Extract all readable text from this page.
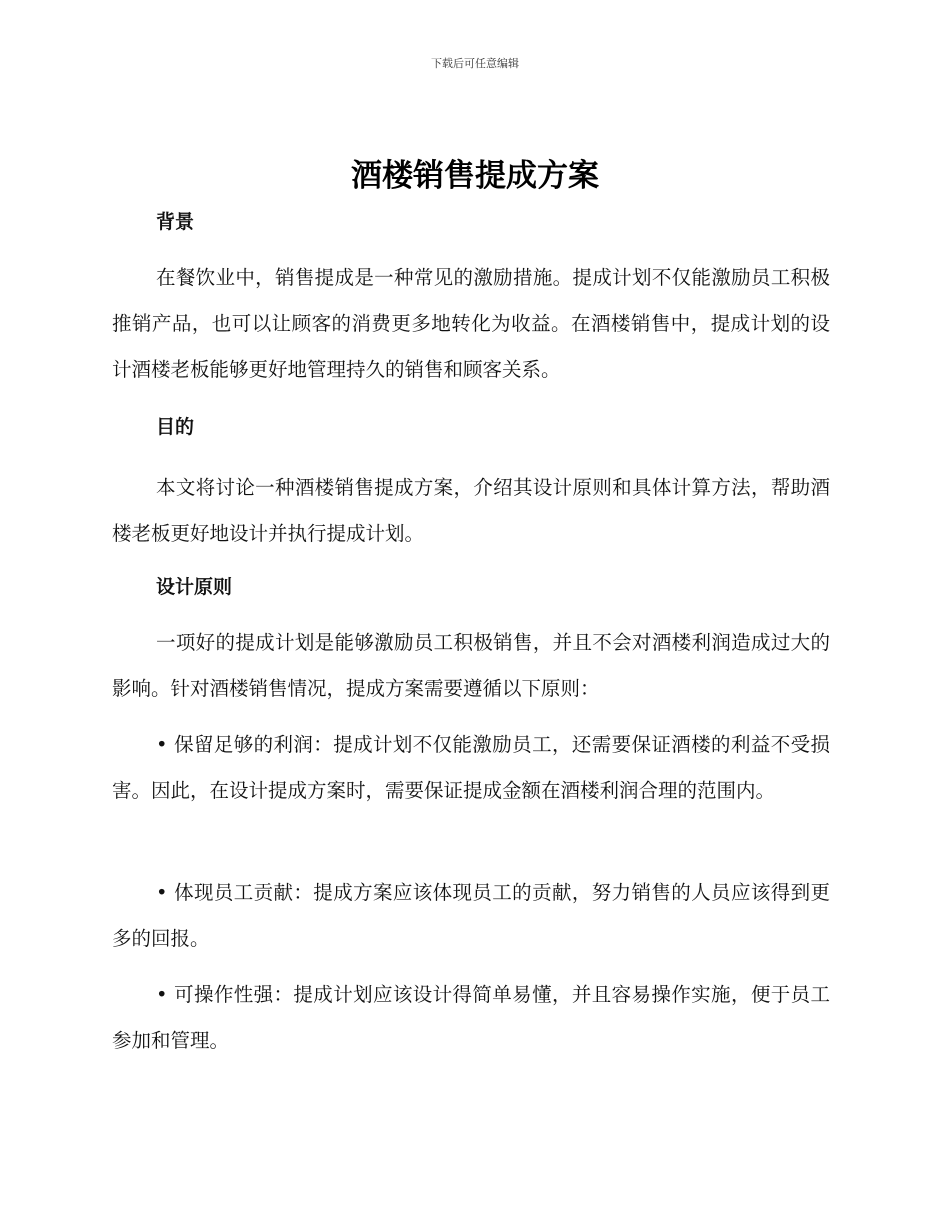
下载后可任意编辑
酒楼销售提成方案
背景

在餐饮业中，销售提成是一种常见的激励措施。提成计划不仅能激励员工积极推销产品，也可以让顾客的消费更多地转化为收益。在酒楼销售中，提成计划的设计酒楼老板能够更好地管理持久的销售和顾客关系。

目的

本文将讨论一种酒楼销售提成方案，介绍其设计原则和具体计算方法，帮助酒楼老板更好地设计并执行提成计划。

设计原则

一项好的提成计划是能够激励员工积极销售，并且不会对酒楼利润造成过大的影响。针对酒楼销售情况，提成方案需要遵循以下原则：

• 保留足够的利润：提成计划不仅能激励员工，还需要保证酒楼的利益不受损害。因此，在设计提成方案时，需要保证提成金额在酒楼利润合理的范围内。

• 体现员工贡献：提成方案应该体现员工的贡献，努力销售的人员应该得到更多的回报。

• 可操作性强：提成计划应该设计得简单易懂，并且容易操作实施，便于员工参加和管理。
